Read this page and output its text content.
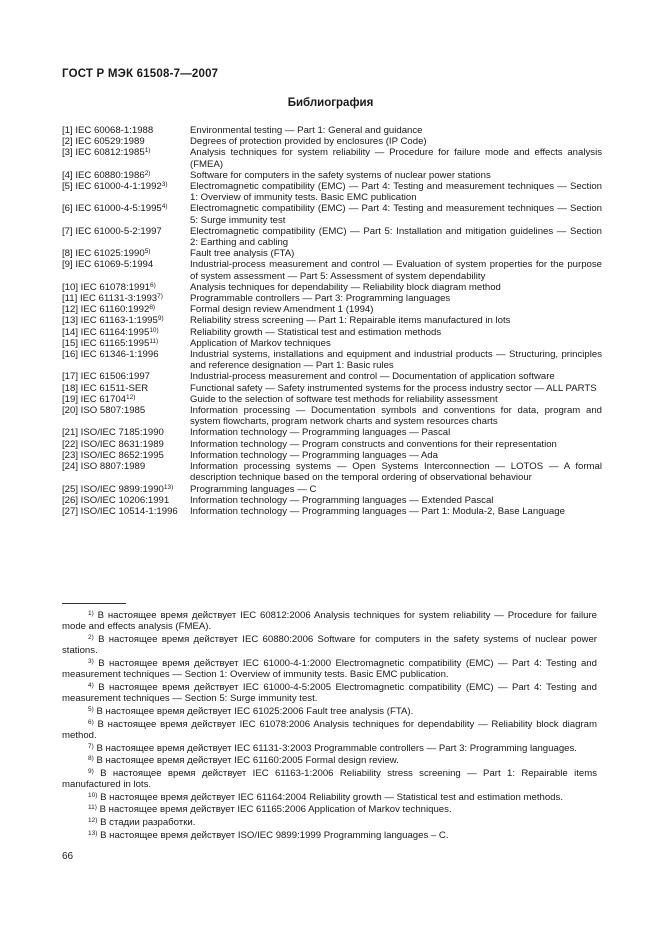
ГОСТ Р МЭК 61508-7—2007
Библиография
[1] IEC 60068-1:1988	Environmental testing — Part 1: General and guidance
[2] IEC 60529:1989	Degrees of protection provided by enclosures (IP Code)
[3] IEC 60812:1985$^{1)}$	Analysis techniques for system reliability — Procedure for failure mode and effects analysis (FMEA)
[4] IEC 60880:1986$^{2)}$	Software for computers in the safety systems of nuclear power stations
[5] IEC 61000-4-1:1992$^{3)}$	Electromagnetic compatibility (EMC) — Part 4: Testing and measurement techniques — Section 1: Overview of immunity tests. Basic EMC publication
[6] IEC 61000-4-5:1995$^{4)}$	Electromagnetic compatibility (EMC) — Part 4: Testing and measurement techniques — Section 5: Surge immunity test
[7] IEC 61000-5-2:1997	Electromagnetic compatibility (EMC) — Part 5: Installation and mitigation guidelines — Section 2: Earthing and cabling
[8] IEC 61025:1990$^{5)}$	Fault tree analysis (FTA)
[9] IEC 61069-5:1994	Industrial-process measurement and control — Evaluation of system properties for the purpose of system assessment — Part 5: Assessment of system dependability
[10] IEC 61078:1991$^{6)}$	Analysis techniques for dependability — Reliability block diagram method
[11] IEC 61131-3:1993$^{7)}$	Programmable controllers — Part 3: Programming languages
[12] IEC 61160:1992$^{8)}$	Formal design review Amendment 1 (1994)
[13] IEC 61163-1:1995$^{9)}$	Reliability stress screening — Part 1: Repairable items manufactured in lots
[14] IEC 61164:1995$^{10)}$	Reliability growth — Statistical test and estimation methods
[15] IEC 61165:1995$^{11)}$	Application of Markov techniques
[16] IEC 61346-1:1996	Industrial systems, installations and equipment and industrial products — Structuring, principles and reference designation — Part 1: Basic rules
[17] IEC 61506:1997	Industrial-process measurement and control — Documentation of application software
[18] IEC 61511-SER	Functional safety — Safety instrumented systems for the process industry sector — ALL PARTS
[19] IEC 61704$^{12)}$	Guide to the selection of software test methods for reliability assessment
[20] ISO 5807:1985	Information processing — Documentation symbols and conventions for data, program and system flowcharts, program network charts and system resources charts
[21] ISO/IEC 7185:1990	Information technology — Programming languages — Pascal
[22] ISO/IEC 8631:1989	Information technology — Program constructs and conventions for their representation
[23] ISO/IEC 8652:1995	Information technology — Programming languages — Ada
[24] ISO 8807:1989	Information processing systems — Open Systems Interconnection — LOTOS — A formal description technique based on the temporal ordering of observational behaviour
[25] ISO/IEC 9899:1990$^{13)}$	Programming languages — C
[26] ISO/IEC 10206:1991	Information technology — Programming languages — Extended Pascal
[27] ISO/IEC 10514-1:1996	Information technology — Programming languages — Part 1: Modula-2, Base Language
$^{1)}$ В настоящее время действует IEC 60812:2006 Analysis techniques for system reliability — Procedure for failure mode and effects analysis (FMEA).
$^{2)}$ В настоящее время действует IEC 60880:2006 Software for computers in the safety systems of nuclear power stations.
$^{3)}$ В настоящее время действует IEC 61000-4-1:2000 Electromagnetic compatibility (EMC) — Part 4: Testing and measurement techniques — Section 1: Overview of immunity tests. Basic EMC publication.
$^{4)}$ В настоящее время действует IEC 61000-4-5:2005 Electromagnetic compatibility (EMC) — Part 4: Testing and measurement techniques — Section 5: Surge immunity test.
$^{5)}$ В настоящее время действует IEC 61025:2006 Fault tree analysis (FTA).
$^{6)}$ В настоящее время действует IEC 61078:2006 Analysis techniques for dependability — Reliability block diagram method.
$^{7)}$ В настоящее время действует IEC 61131-3:2003 Programmable controllers — Part 3: Programming languages.
$^{8)}$ В настоящее время действует IEC 61160:2005 Formal design review.
$^{9)}$ В настоящее время действует IEC 61163-1:2006 Reliability stress screening — Part 1: Repairable items manufactured in lots.
$^{10)}$ В настоящее время действует IEC 61164:2004 Reliability growth — Statistical test and estimation methods.
$^{11)}$ В настоящее время действует IEC 61165:2006 Application of Markov techniques.
$^{12)}$ В стадии разработки.
$^{13)}$ В настоящее время действует ISO/IEC 9899:1999 Programming languages – C.
66
